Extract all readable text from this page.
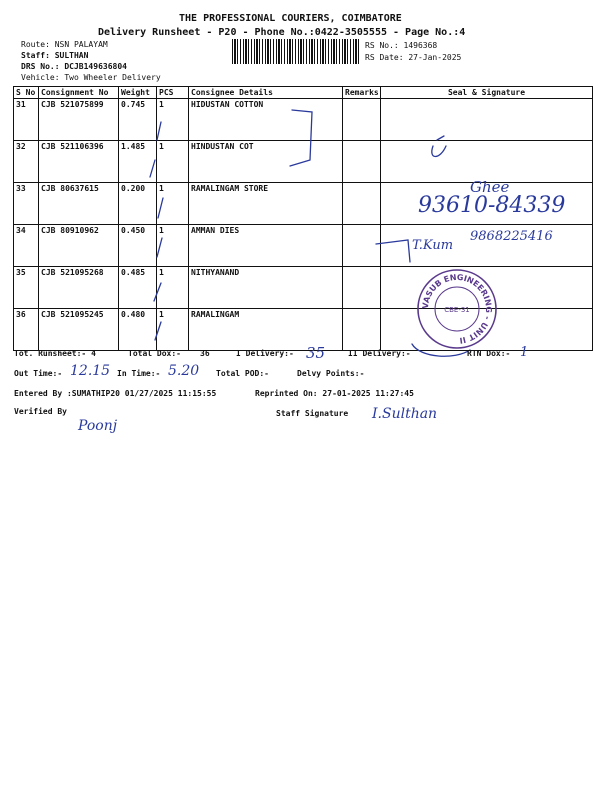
THE PROFESSIONAL COURIERS, COIMBATORE
Delivery Runsheet - P20 - Phone No.:0422-3505555 - Page No.:4
Route: NSN PALAYAM
Staff: SULTHAN
DRS No.: DCJB149636804
Vehicle: Two Wheeler Delivery
RS No.: 1496368
RS Date: 27-Jan-2025
S No	Consignment No	Weight	PCS	Consignee Details	Remarks	Seal & Signature
31	CJB 521075899	0.745	1	HIDUSTAN COTTON		
32	CJB 521106396	1.485	1	HINDUSTAN COT		
33	CJB 80637615	0.200	1	RAMALINGAM STORE		
34	CJB 80910962	0.450	1	AMMAN DIES		
35	CJB 521095268	0.485	1	NITHYANAND		
36	CJB 521095245	0.480	1	RAMALINGAM		
Ghee
93610-84339
9868225416
T.Kum
VASUB ENGINEERING - UNIT II
CBE-31
Tot. Runsheet:- 4	Total Dox:- 36	I Delivery:- 35	II Delivery:-	RTN Dox:- 1
Out Time:- 12.15 In Time:- 5.20 Total POD:-	Delvy Points:-
Entered By :SUMATHIP20 01/27/2025 11:15:55	Reprinted On: 27-01-2025 11:27:45
Verified By
Poonj
Staff Signature I.Sulthan
